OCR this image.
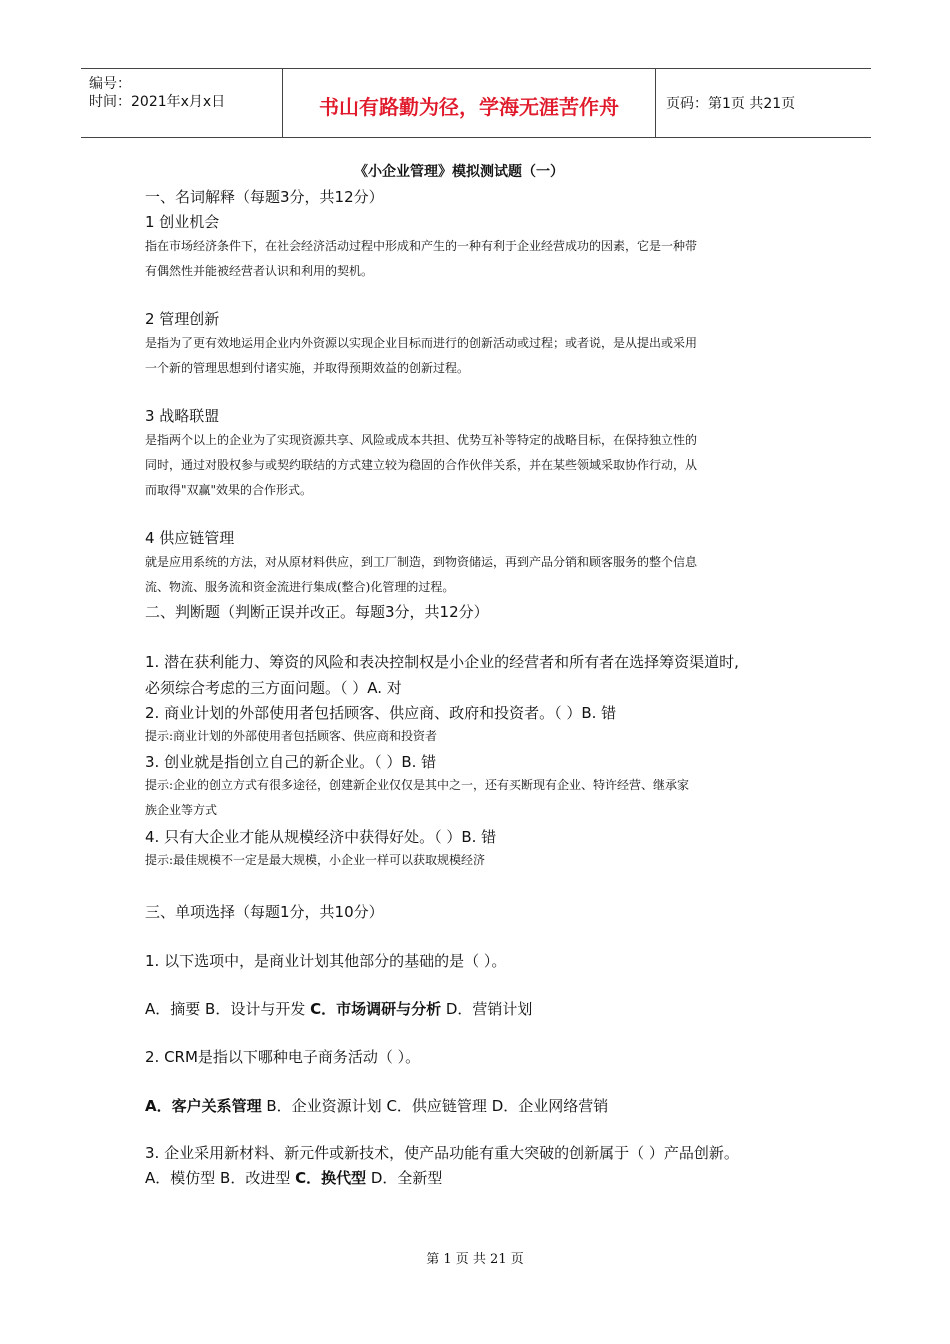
编号：
时间：2021年x月x日	书山有路勤为径，学海无涯苦作舟	页码：第1页 共21页
《小企业管理》模拟测试题（一）
一、名词解释（每题3分，共12分）
1 创业机会
指在市场经济条件下，在社会经济活动过程中形成和产生的一种有利于企业经营成功的因素，它是一种带
有偶然性并能被经营者认识和利用的契机。
2 管理创新
是指为了更有效地运用企业内外资源以实现企业目标而进行的创新活动或过程；或者说，是从提出或采用
一个新的管理思想到付诸实施，并取得预期效益的创新过程。
3 战略联盟
是指两个以上的企业为了实现资源共享、风险或成本共担、优势互补等特定的战略目标，在保持独立性的
同时，通过对股权参与或契约联结的方式建立较为稳固的合作伙伴关系，并在某些领域采取协作行动，从
而取得"双赢"效果的合作形式。
4 供应链管理
就是应用系统的方法，对从原材料供应，到工厂制造，到物资储运，再到产品分销和顾客服务的整个信息
流、物流、服务流和资金流进行集成(整合)化管理的过程。
二、判断题（判断正误并改正。每题3分，共12分）
1. 潜在获利能力、筹资的风险和表决控制权是小企业的经营者和所有者在选择筹资渠道时,
必须综合考虑的三方面问题。（ ）A. 对
2. 商业计划的外部使用者包括顾客、供应商、政府和投资者。（ ）B. 错
提示:商业计划的外部使用者包括顾客、供应商和投资者
3. 创业就是指创立自己的新企业。（ ）B. 错
提示:企业的创立方式有很多途径，创建新企业仅仅是其中之一，还有买断现有企业、特许经营、继承家
族企业等方式
4. 只有大企业才能从规模经济中获得好处。（ ）B. 错
提示:最佳规模不一定是最大规模，小企业一样可以获取规模经济
三、单项选择（每题1分，共10分）
1. 以下选项中，是商业计划其他部分的基础的是（ ）。
A．摘要 B．设计与开发 C．市场调研与分析 D．营销计划
2. CRM是指以下哪种电子商务活动（ ）。
A．客户关系管理 B．企业资源计划 C．供应链管理 D．企业网络营销
3. 企业采用新材料、新元件或新技术，使产品功能有重大突破的创新属于（ ）产品创新。
A．模仿型 B．改进型 C．换代型 D．全新型
第 1 页 共 21 页
